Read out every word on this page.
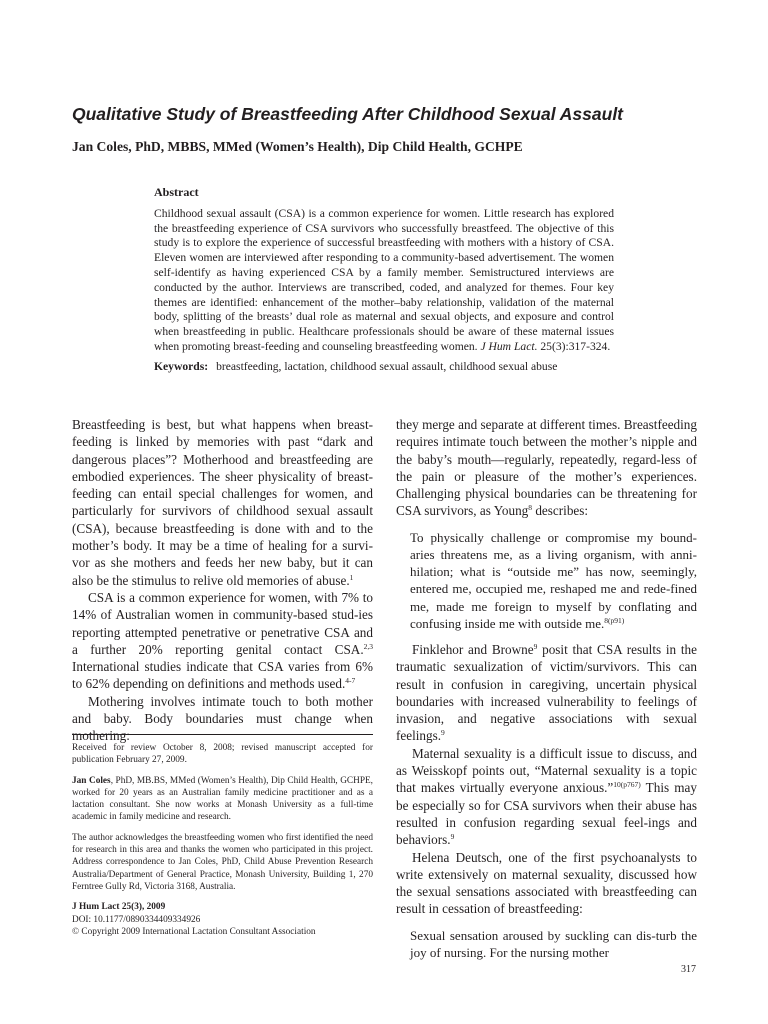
Qualitative Study of Breastfeeding After Childhood Sexual Assault
Jan Coles, PhD, MBBS, MMed (Women’s Health), Dip Child Health, GCHPE
Abstract
Childhood sexual assault (CSA) is a common experience for women. Little research has explored the breastfeeding experience of CSA survivors who successfully breastfeed. The objective of this study is to explore the experience of successful breastfeeding with mothers with a history of CSA. Eleven women are interviewed after responding to a community-based advertisement. The women self-identify as having experienced CSA by a family member. Semistructured interviews are conducted by the author. Interviews are transcribed, coded, and analyzed for themes. Four key themes are identified: enhancement of the mother–baby relationship, validation of the maternal body, splitting of the breasts’ dual role as maternal and sexual objects, and exposure and control when breastfeeding in public. Healthcare professionals should be aware of these maternal issues when promoting breast-feeding and counseling breastfeeding women. J Hum Lact. 25(3):317-324.
Keywords: breastfeeding, lactation, childhood sexual assault, childhood sexual abuse

Breastfeeding is best, but what happens when breast-feeding is linked by memories with past “dark and dangerous places”? Motherhood and breastfeeding are embodied experiences. The sheer physicality of breast-feeding can entail special challenges for women, and particularly for survivors of childhood sexual assault (CSA), because breastfeeding is done with and to the mother’s body. It may be a time of healing for a survi-vor as she mothers and feeds her new baby, but it can also be the stimulus to relive old memories of abuse.$^1$

CSA is a common experience for women, with 7% to 14% of Australian women in community-based stud-ies reporting attempted penetrative or penetrative CSA and a further 20% reporting genital contact CSA.$^{2,3}$ International studies indicate that CSA varies from 6% to 62% depending on definitions and methods used.$^{4-7}$

Mothering involves intimate touch to both mother and baby. Body boundaries must change when mothering:

Received for review October 8, 2008; revised manuscript accepted for publication February 27, 2009.

Jan Coles, PhD, MB.BS, MMed (Women’s Health), Dip Child Health, GCHPE, worked for 20 years as an Australian family medicine practitioner and as a lactation consultant. She now works at Monash University as a full-time academic in family medicine and research.

The author acknowledges the breastfeeding women who first identified the need for research in this area and thanks the women who participated in this project. Address correspondence to Jan Coles, PhD, Child Abuse Prevention Research Australia/Department of General Practice, Monash University, Building 1, 270 Ferntree Gully Rd, Victoria 3168, Australia.

J Hum Lact 25(3), 2009
DOI: 10.1177/0890334409334926
© Copyright 2009 International Lactation Consultant Association

they merge and separate at different times. Breastfeeding requires intimate touch between the mother’s nipple and the baby’s mouth—regularly, repeatedly, regard-less of the pain or pleasure of the mother’s experiences. Challenging physical boundaries can be threatening for CSA survivors, as Young$^8$ describes:

To physically challenge or compromise my bound-aries threatens me, as a living organism, with anni-hilation; what is “outside me” has now, seemingly, entered me, occupied me, reshaped me and rede-fined me, made me foreign to myself by conflating and confusing inside me with outside me.$^{8(p91)}$

Finklehor and Browne$^9$ posit that CSA results in the traumatic sexualization of victim/survivors. This can result in confusion in caregiving, uncertain physical boundaries with increased vulnerability to feelings of invasion, and negative associations with sexual feelings.$^9$

Maternal sexuality is a difficult issue to discuss, and as Weisskopf points out, “Maternal sexuality is a topic that makes virtually everyone anxious.”$^{10(p767)}$ This may be especially so for CSA survivors when their abuse has resulted in confusion regarding sexual feel-ings and behaviors.$^9$

Helena Deutsch, one of the first psychoanalysts to write extensively on maternal sexuality, discussed how the sexual sensations associated with breastfeeding can result in cessation of breastfeeding:

Sexual sensation aroused by suckling can dis-turb the joy of nursing. For the nursing mother
317
